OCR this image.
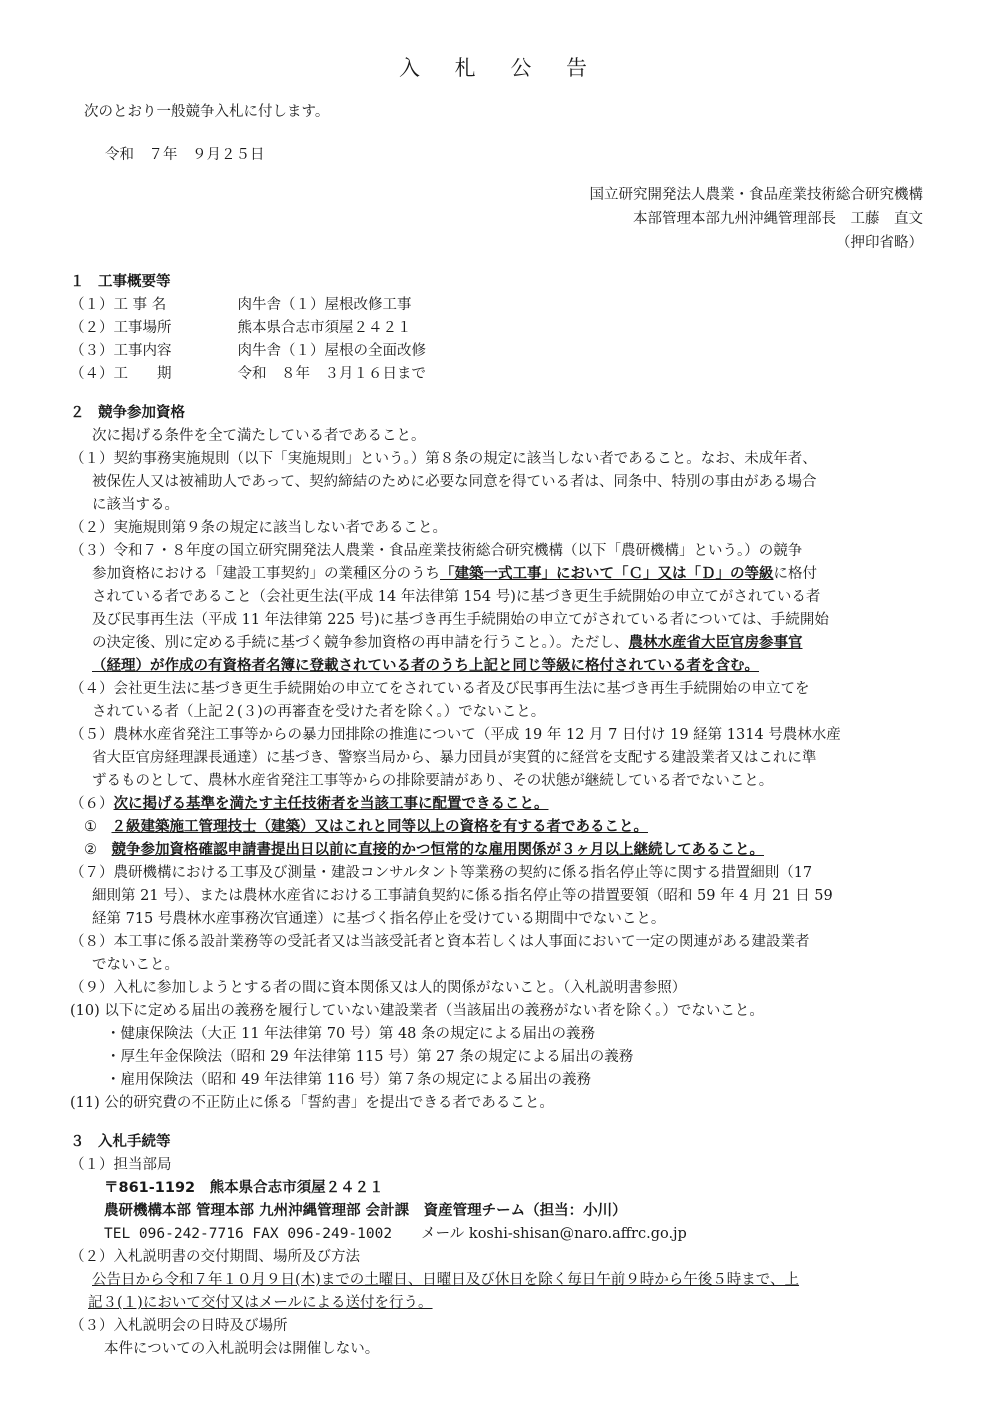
入 札 公 告
次のとおり一般競争入札に付します。
令和　７年　９月２５日
国立研究開発法人農業・食品産業技術総合研究機構
本部管理本部九州沖縄管理部長　工藤　直文
（押印省略）
１ 工事概要等
（１）工 事 名	肉牛舎（１）屋根改修工事
（２）工事場所	熊本県合志市須屋２４２１
（３）工事内容	肉牛舎（１）屋根の全面改修
（４）工　　期	令和　８年　３月１６日まで
２ 競争参加資格
次に掲げる条件を全て満たしている者であること。
（１）契約事務実施規則（以下「実施規則」という。）第８条の規定に該当しない者であること。なお、未成年者、
被保佐人又は被補助人であって、契約締結のために必要な同意を得ている者は、同条中、特別の事由がある場合
に該当する。
（２）実施規則第９条の規定に該当しない者であること。
（３）令和７・８年度の国立研究開発法人農業・食品産業技術総合研究機構（以下「農研機構」という。）の競争
参加資格における「建設工事契約」の業種区分のうち「建築一式工事」において「Ｃ」又は「Ｄ」の等級に格付
されている者であること（会社更生法(平成 14 年法律第 154 号)に基づき更生手続開始の申立てがされている者
及び民事再生法（平成 11 年法律第 225 号)に基づき再生手続開始の申立てがされている者については、手続開始
の決定後、別に定める手続に基づく競争参加資格の再申請を行うこと。）。ただし、農林水産省大臣官房参事官
（経理）が作成の有資格者名簿に登載されている者のうち上記と同じ等級に格付されている者を含む。
（４）会社更生法に基づき更生手続開始の申立てをされている者及び民事再生法に基づき再生手続開始の申立てを
されている者（上記２(３)の再審査を受けた者を除く。）でないこと。
（５）農林水産省発注工事等からの暴力団排除の推進について（平成 19 年 12 月 7 日付け 19 経第 1314 号農林水産
省大臣官房経理課長通達）に基づき、警察当局から、暴力団員が実質的に経営を支配する建設業者又はこれに準
ずるものとして、農林水産省発注工事等からの排除要請があり、その状態が継続している者でないこと。
（６）次に掲げる基準を満たす主任技術者を当該工事に配置できること。
①　 ２級建築施工管理技士（建築）又はこれと同等以上の資格を有する者であること。
②　 競争参加資格確認申請書提出日以前に直接的かつ恒常的な雇用関係が３ヶ月以上継続してあること。
（７）農研機構における工事及び測量・建設コンサルタント等業務の契約に係る指名停止等に関する措置細則（17
細則第 21 号）、または農林水産省における工事請負契約に係る指名停止等の措置要領（昭和 59 年 4 月 21 日 59
経第 715 号農林水産事務次官通達）に基づく指名停止を受けている期間中でないこと。
（８）本工事に係る設計業務等の受託者又は当該受託者と資本若しくは人事面において一定の関連がある建設業者
でないこと。
（９）入札に参加しようとする者の間に資本関係又は人的関係がないこと。（入札説明書参照）
(10) 以下に定める届出の義務を履行していない建設業者（当該届出の義務がない者を除く。）でないこと。
・健康保険法（大正 11 年法律第 70 号）第 48 条の規定による届出の義務
・厚生年金保険法（昭和 29 年法律第 115 号）第 27 条の規定による届出の義務
・雇用保険法（昭和 49 年法律第 116 号）第７条の規定による届出の義務
(11) 公的研究費の不正防止に係る「誓約書」を提出できる者であること。
３ 入札手続等
（１）担当部局
〒861-1192　熊本県合志市須屋２４２１
農研機構本部 管理本部 九州沖縄管理部 会計課　資産管理チーム（担当：小川）
TEL 096-242-7716 FAX 096-249-1002　　 メール koshi-shisan@naro.affrc.go.jp
（２）入札説明書の交付期間、場所及び方法
公告日から令和７年１０月９日(木)までの土曜日、日曜日及び休日を除く毎日午前９時から午後５時まで、上
記３(１)において交付又はメールによる送付を行う。
（３）入札説明会の日時及び場所
本件についての入札説明会は開催しない。
